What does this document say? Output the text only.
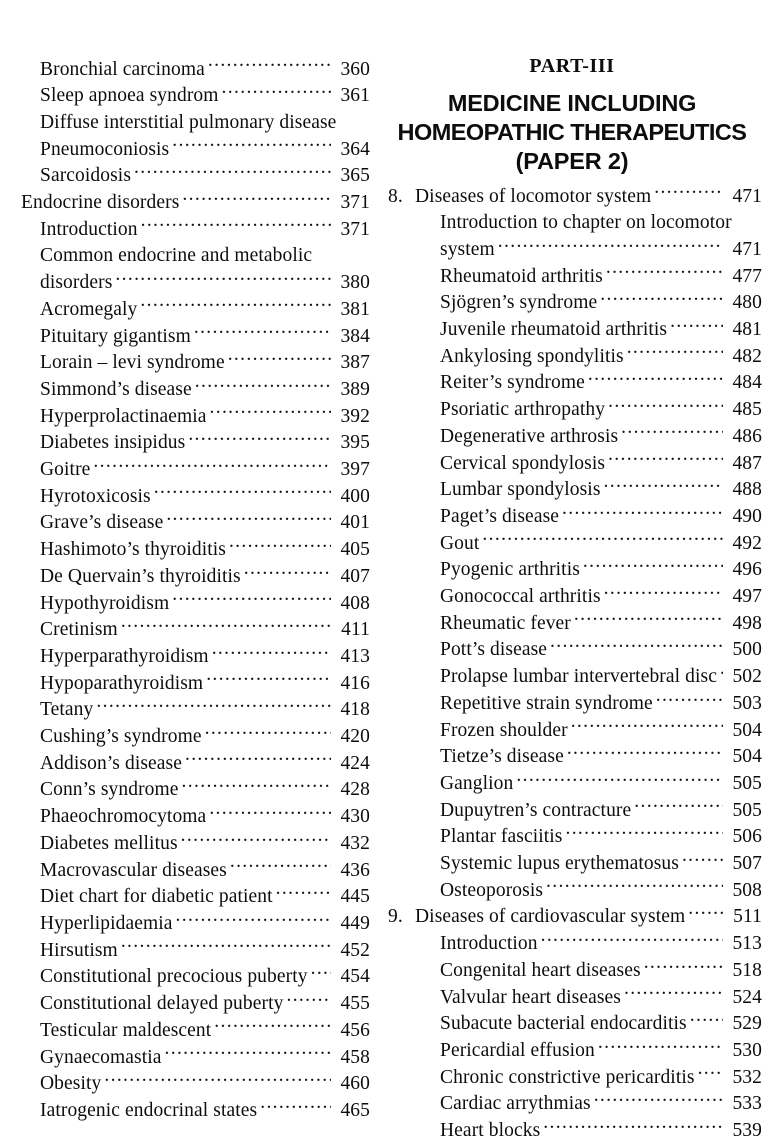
Bronchial carcinoma .....	360
Sleep apnoea syndrom .....	361
Diffuse interstitial pulmonary disease
Pneumoconiosis .....	364
Sarcoidosis .....	365
Endocrine disorders .....	371
Introduction .....	371
Common endocrine and metabolic
disorders .....	380
Acromegaly .....	381
Pituitary gigantism .....	384
Lorain – levi syndrome .....	387
Simmond’s disease .....	389
Hyperprolactinaemia .....	392
Diabetes insipidus .....	395
Goitre .....	397
Hyrotoxicosis .....	400
Grave’s disease .....	401
Hashimoto’s thyroiditis .....	405
De Quervain’s thyroiditis .....	407
Hypothyroidism .....	408
Cretinism .....	411
Hyperparathyroidism .....	413
Hypoparathyroidism .....	416
Tetany .....	418
Cushing’s syndrome .....	420
Addison’s disease .....	424
Conn’s syndrome .....	428
Phaeochromocytoma .....	430
Diabetes mellitus .....	432
Macrovascular diseases .....	436
Diet chart for diabetic patient .....	445
Hyperlipidaemia .....	449
Hirsutism .....	452
Constitutional precocious puberty .....	454
Constitutional delayed puberty .....	455
Testicular maldescent .....	456
Gynaecomastia .....	458
Obesity .....	460
Iatrogenic endocrinal states .....	465
PART-III
MEDICINE INCLUDING
HOMEOPATHIC THERAPEUTICS
(PAPER 2)
8. Diseases of locomotor system .....	471
Introduction to chapter on locomotor
system .....	471
Rheumatoid arthritis .....	477
Sjögren’s syndrome .....	480
Juvenile rheumatoid arthritis .....	481
Ankylosing spondylitis .....	482
Reiter’s syndrome .....	484
Psoriatic arthropathy .....	485
Degenerative arthrosis .....	486
Cervical spondylosis .....	487
Lumbar spondylosis .....	488
Paget’s disease .....	490
Gout .....	492
Pyogenic arthritis .....	496
Gonococcal arthritis .....	497
Rheumatic fever .....	498
Pott’s disease .....	500
Prolapse lumbar intervertebral disc ..... 502
Repetitive strain syndrome .....	503
Frozen shoulder .....	504
Tietze’s disease .....	504
Ganglion .....	505
Dupuytren’s contracture .....	505
Plantar fasciitis .....	506
Systemic lupus erythematosus .....	507
Osteoporosis .....	508
9. Diseases of cardiovascular system .....	511
Introduction .....	513
Congenital heart diseases .....	518
Valvular heart diseases .....	524
Subacute bacterial endocarditis .....	529
Pericardial effusion .....	530
Chronic constrictive pericarditis .....	532
Cardiac arrythmias .....	533
Heart blocks .....	539
